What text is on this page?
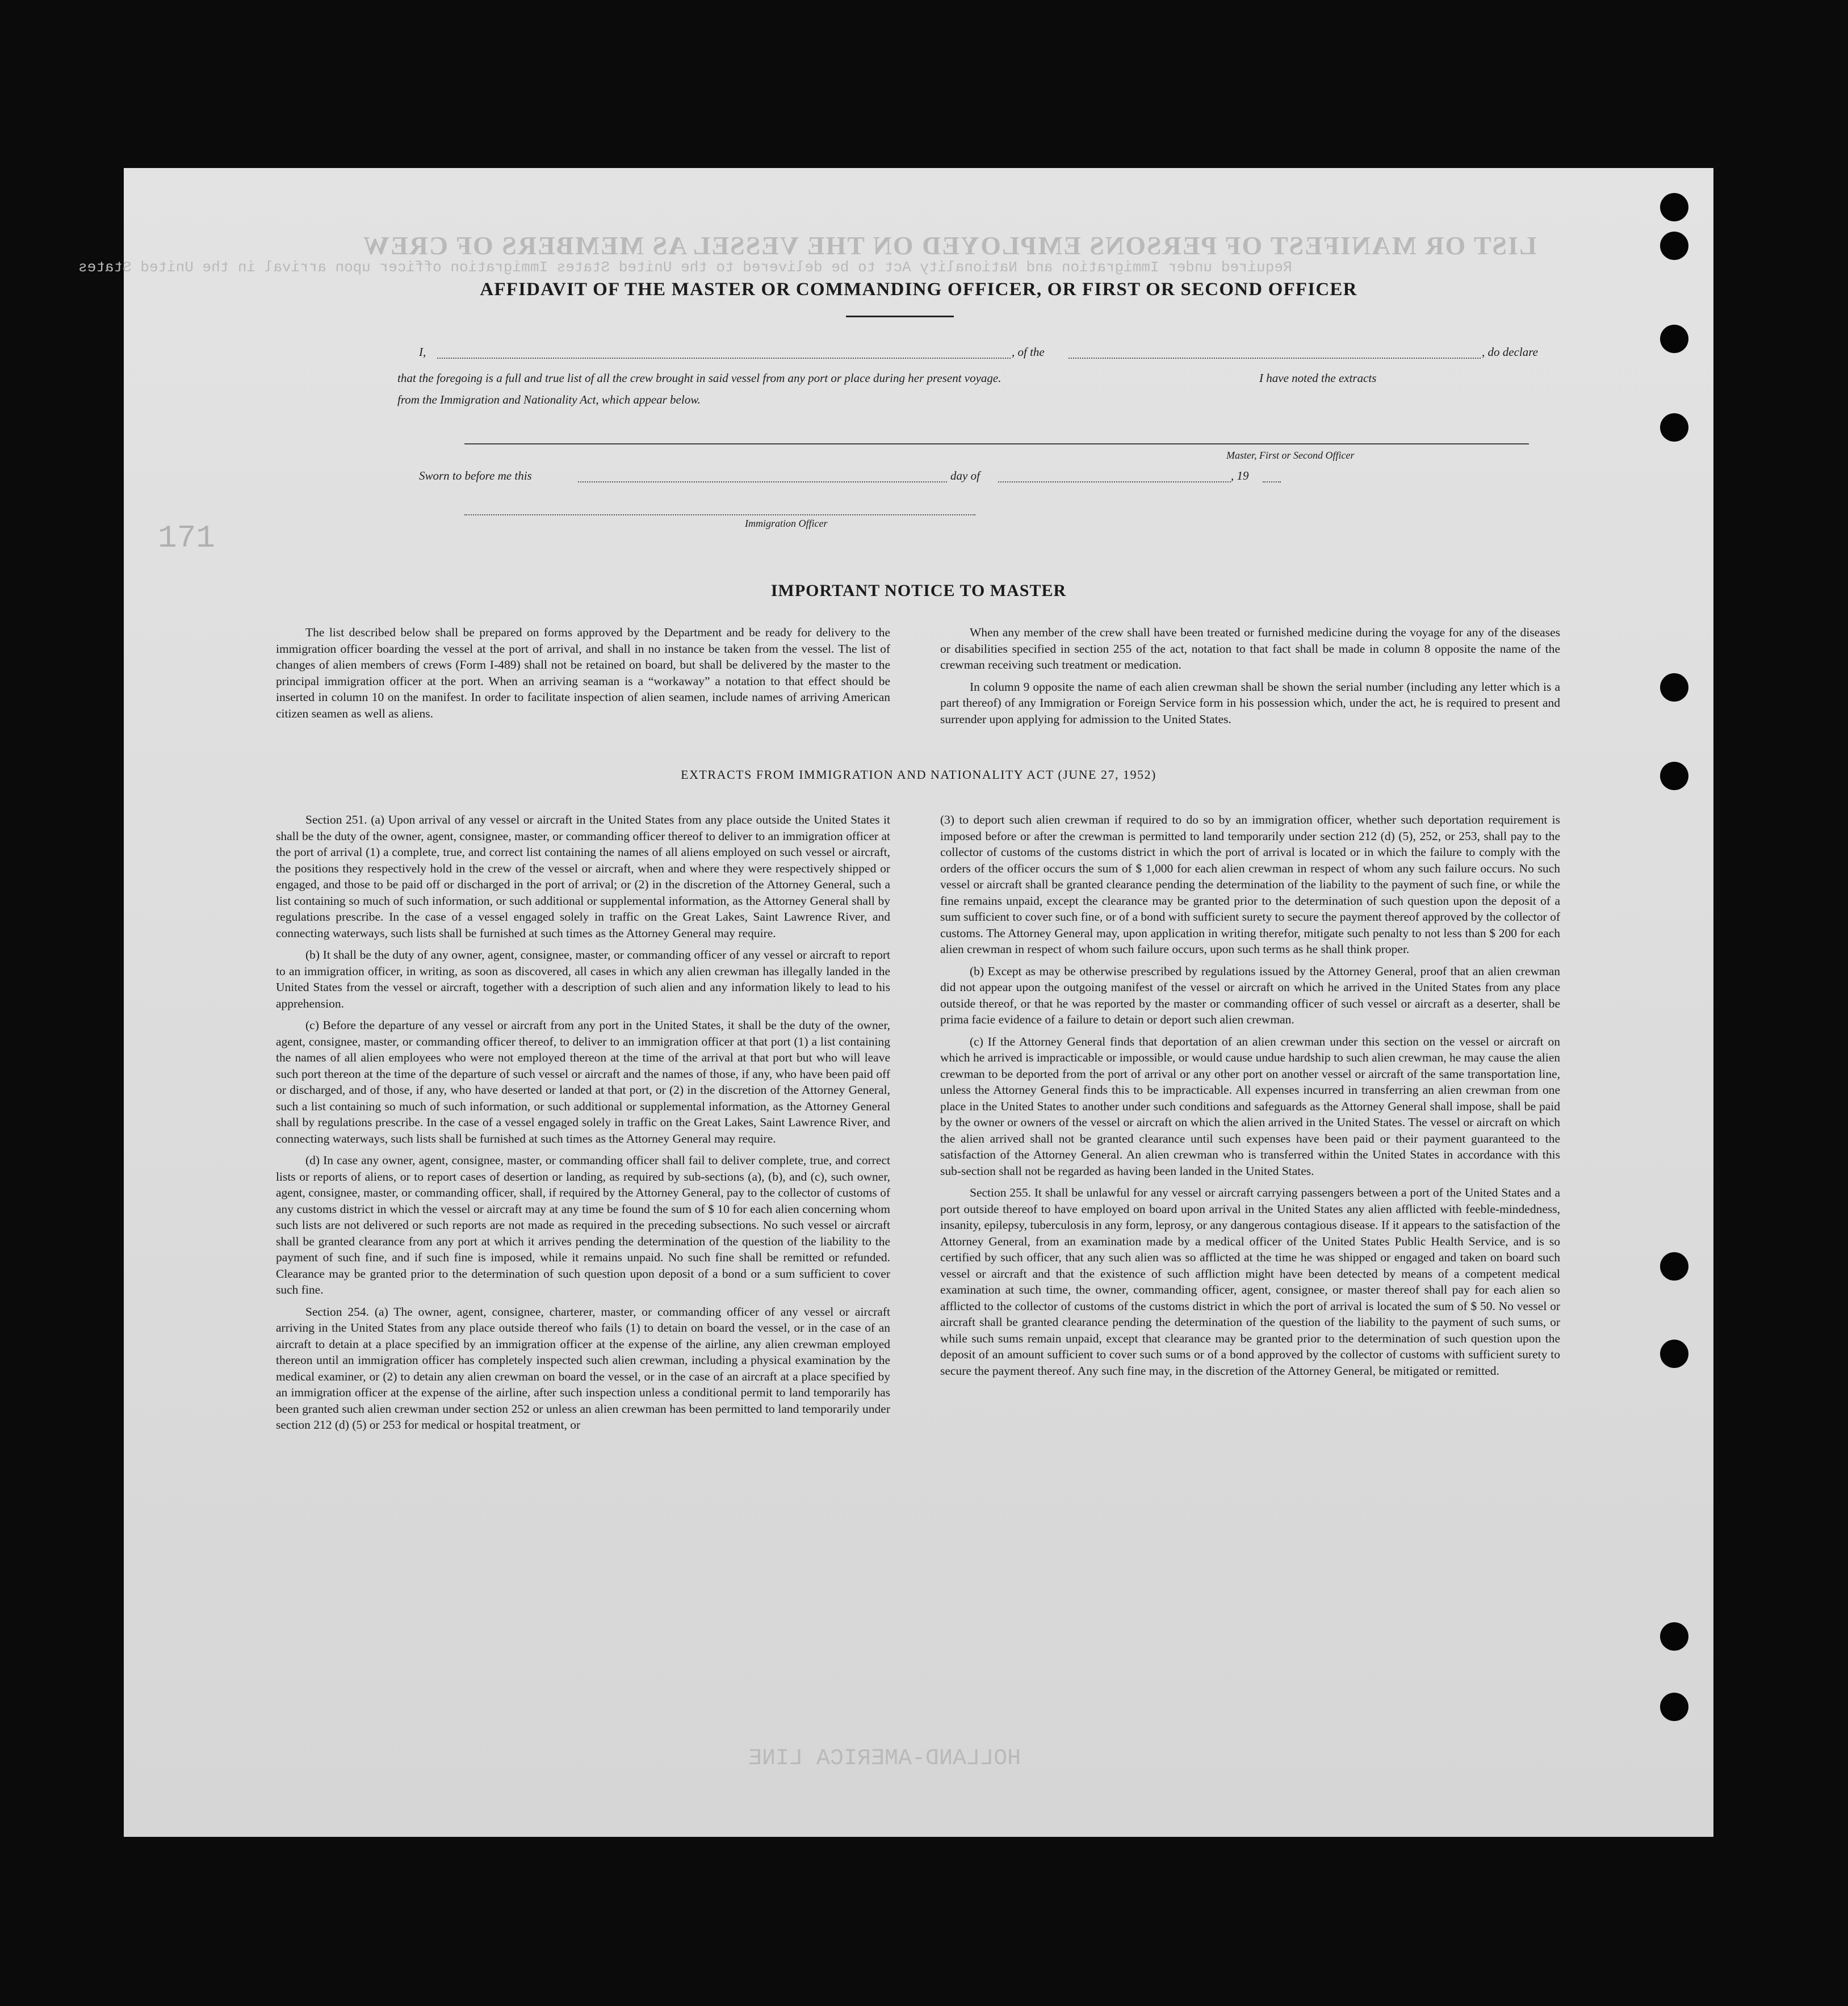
LIST OR MANIFEST OF PERSONS EMPLOYED ON THE VESSEL AS MEMBERS OF CREW
Required under Immigration and Nationality Act to be delivered to the United States Immigration officer upon arrival in the United States
HOLLAND-AMERICA LINE
171
AFFIDAVIT OF THE MASTER OR COMMANDING OFFICER, OR FIRST OR SECOND OFFICER
I,	, of the	, do declare
that the foregoing is a full and true list of all the crew brought in said vessel from any port or place during her present voyage.	I have noted the extracts
from the Immigration and Nationality Act, which appear below.
Master, First or Second Officer
Sworn to before me this	day of	, 19
Immigration Officer
IMPORTANT NOTICE TO MASTER

The list described below shall be prepared on forms approved by the Department and be ready for delivery to the immigration officer boarding the vessel at the port of arrival, and shall in no instance be taken from the vessel. The list of changes of alien members of crews (Form I-489) shall not be retained on board, but shall be delivered by the master to the principal immigration officer at the port. When an arriving seaman is a “workaway” a notation to that effect should be inserted in column 10 on the manifest. In order to facilitate inspection of alien seamen, include names of arriving American citizen seamen as well as aliens.

When any member of the crew shall have been treated or furnished medicine during the voyage for any of the diseases or disabilities specified in section 255 of the act, notation to that fact shall be made in column 8 opposite the name of the crewman receiving such treatment or medication.

In column 9 opposite the name of each alien crewman shall be shown the serial number (including any letter which is a part thereof) of any Immigration or Foreign Service form in his possession which, under the act, he is required to present and surrender upon applying for admission to the United States.

EXTRACTS FROM IMMIGRATION AND NATIONALITY ACT (JUNE 27, 1952)

Section 251. (a) Upon arrival of any vessel or aircraft in the United States from any place outside the United States it shall be the duty of the owner, agent, consignee, master, or commanding officer thereof to deliver to an immigration officer at the port of arrival (1) a complete, true, and correct list containing the names of all aliens employed on such vessel or aircraft, the positions they respectively hold in the crew of the vessel or aircraft, when and where they were respectively shipped or engaged, and those to be paid off or discharged in the port of arrival; or (2) in the discretion of the Attorney General, such a list containing so much of such information, or such additional or supplemental information, as the Attorney General shall by regulations prescribe. In the case of a vessel engaged solely in traffic on the Great Lakes, Saint Lawrence River, and connecting waterways, such lists shall be furnished at such times as the Attorney General may require.

(b) It shall be the duty of any owner, agent, consignee, master, or commanding officer of any vessel or aircraft to report to an immigration officer, in writing, as soon as discovered, all cases in which any alien crewman has illegally landed in the United States from the vessel or aircraft, together with a description of such alien and any information likely to lead to his apprehension.

(c) Before the departure of any vessel or aircraft from any port in the United States, it shall be the duty of the owner, agent, consignee, master, or commanding officer thereof, to deliver to an immigration officer at that port (1) a list containing the names of all alien employees who were not employed thereon at the time of the arrival at that port but who will leave such port thereon at the time of the departure of such vessel or aircraft and the names of those, if any, who have been paid off or discharged, and of those, if any, who have deserted or landed at that port, or (2) in the discretion of the Attorney General, such a list containing so much of such information, or such additional or supplemental information, as the Attorney General shall by regulations prescribe. In the case of a vessel engaged solely in traffic on the Great Lakes, Saint Lawrence River, and connecting waterways, such lists shall be furnished at such times as the Attorney General may require.

(d) In case any owner, agent, consignee, master, or commanding officer shall fail to deliver complete, true, and correct lists or reports of aliens, or to report cases of desertion or landing, as required by sub-sections (a), (b), and (c), such owner, agent, consignee, master, or commanding officer, shall, if required by the Attorney General, pay to the collector of customs of any customs district in which the vessel or aircraft may at any time be found the sum of $ 10 for each alien concerning whom such lists are not delivered or such reports are not made as required in the preceding subsections. No such vessel or aircraft shall be granted clearance from any port at which it arrives pending the determination of the question of the liability to the payment of such fine, and if such fine is imposed, while it remains unpaid. No such fine shall be remitted or refunded. Clearance may be granted prior to the determination of such question upon deposit of a bond or a sum sufficient to cover such fine.

Section 254. (a) The owner, agent, consignee, charterer, master, or commanding officer of any vessel or aircraft arriving in the United States from any place outside thereof who fails (1) to detain on board the vessel, or in the case of an aircraft to detain at a place specified by an immigration officer at the expense of the airline, any alien crewman employed thereon until an immigration officer has completely inspected such alien crewman, including a physical examination by the medical examiner, or (2) to detain any alien crewman on board the vessel, or in the case of an aircraft at a place specified by an immigration officer at the expense of the airline, after such inspection unless a conditional permit to land temporarily has been granted such alien crewman under section 252 or unless an alien crewman has been permitted to land temporarily under section 212 (d) (5) or 253 for medical or hospital treatment, or

(3) to deport such alien crewman if required to do so by an immigration officer, whether such deportation requirement is imposed before or after the crewman is permitted to land temporarily under section 212 (d) (5), 252, or 253, shall pay to the collector of customs of the customs district in which the port of arrival is located or in which the failure to comply with the orders of the officer occurs the sum of $ 1,000 for each alien crewman in respect of whom any such failure occurs. No such vessel or aircraft shall be granted clearance pending the determination of the liability to the payment of such fine, or while the fine remains unpaid, except the clearance may be granted prior to the determination of such question upon the deposit of a sum sufficient to cover such fine, or of a bond with sufficient surety to secure the payment thereof approved by the collector of customs. The Attorney General may, upon application in writing therefor, mitigate such penalty to not less than $ 200 for each alien crewman in respect of whom such failure occurs, upon such terms as he shall think proper.

(b) Except as may be otherwise prescribed by regulations issued by the Attorney General, proof that an alien crewman did not appear upon the outgoing manifest of the vessel or aircraft on which he arrived in the United States from any place outside thereof, or that he was reported by the master or commanding officer of such vessel or aircraft as a deserter, shall be prima facie evidence of a failure to detain or deport such alien crewman.

(c) If the Attorney General finds that deportation of an alien crewman under this section on the vessel or aircraft on which he arrived is impracticable or impossible, or would cause undue hardship to such alien crewman, he may cause the alien crewman to be deported from the port of arrival or any other port on another vessel or aircraft of the same transportation line, unless the Attorney General finds this to be impracticable. All expenses incurred in transferring an alien crewman from one place in the United States to another under such conditions and safeguards as the Attorney General shall impose, shall be paid by the owner or owners of the vessel or aircraft on which the alien arrived in the United States. The vessel or aircraft on which the alien arrived shall not be granted clearance until such expenses have been paid or their payment guaranteed to the satisfaction of the Attorney General. An alien crewman who is transferred within the United States in accordance with this sub-section shall not be regarded as having been landed in the United States.

Section 255. It shall be unlawful for any vessel or aircraft carrying passengers between a port of the United States and a port outside thereof to have employed on board upon arrival in the United States any alien afflicted with feeble-mindedness, insanity, epilepsy, tuberculosis in any form, leprosy, or any dangerous contagious disease. If it appears to the satisfaction of the Attorney General, from an examination made by a medical officer of the United States Public Health Service, and is so certified by such officer, that any such alien was so afflicted at the time he was shipped or engaged and taken on board such vessel or aircraft and that the existence of such affliction might have been detected by means of a competent medical examination at such time, the owner, commanding officer, agent, consignee, or master thereof shall pay for each alien so afflicted to the collector of customs of the customs district in which the port of arrival is located the sum of $ 50. No vessel or aircraft shall be granted clearance pending the determination of the question of the liability to the payment of such sums, or while such sums remain unpaid, except that clearance may be granted prior to the determination of such question upon the deposit of an amount sufficient to cover such sums or of a bond approved by the collector of customs with sufficient surety to secure the payment thereof. Any such fine may, in the discretion of the Attorney General, be mitigated or remitted.
